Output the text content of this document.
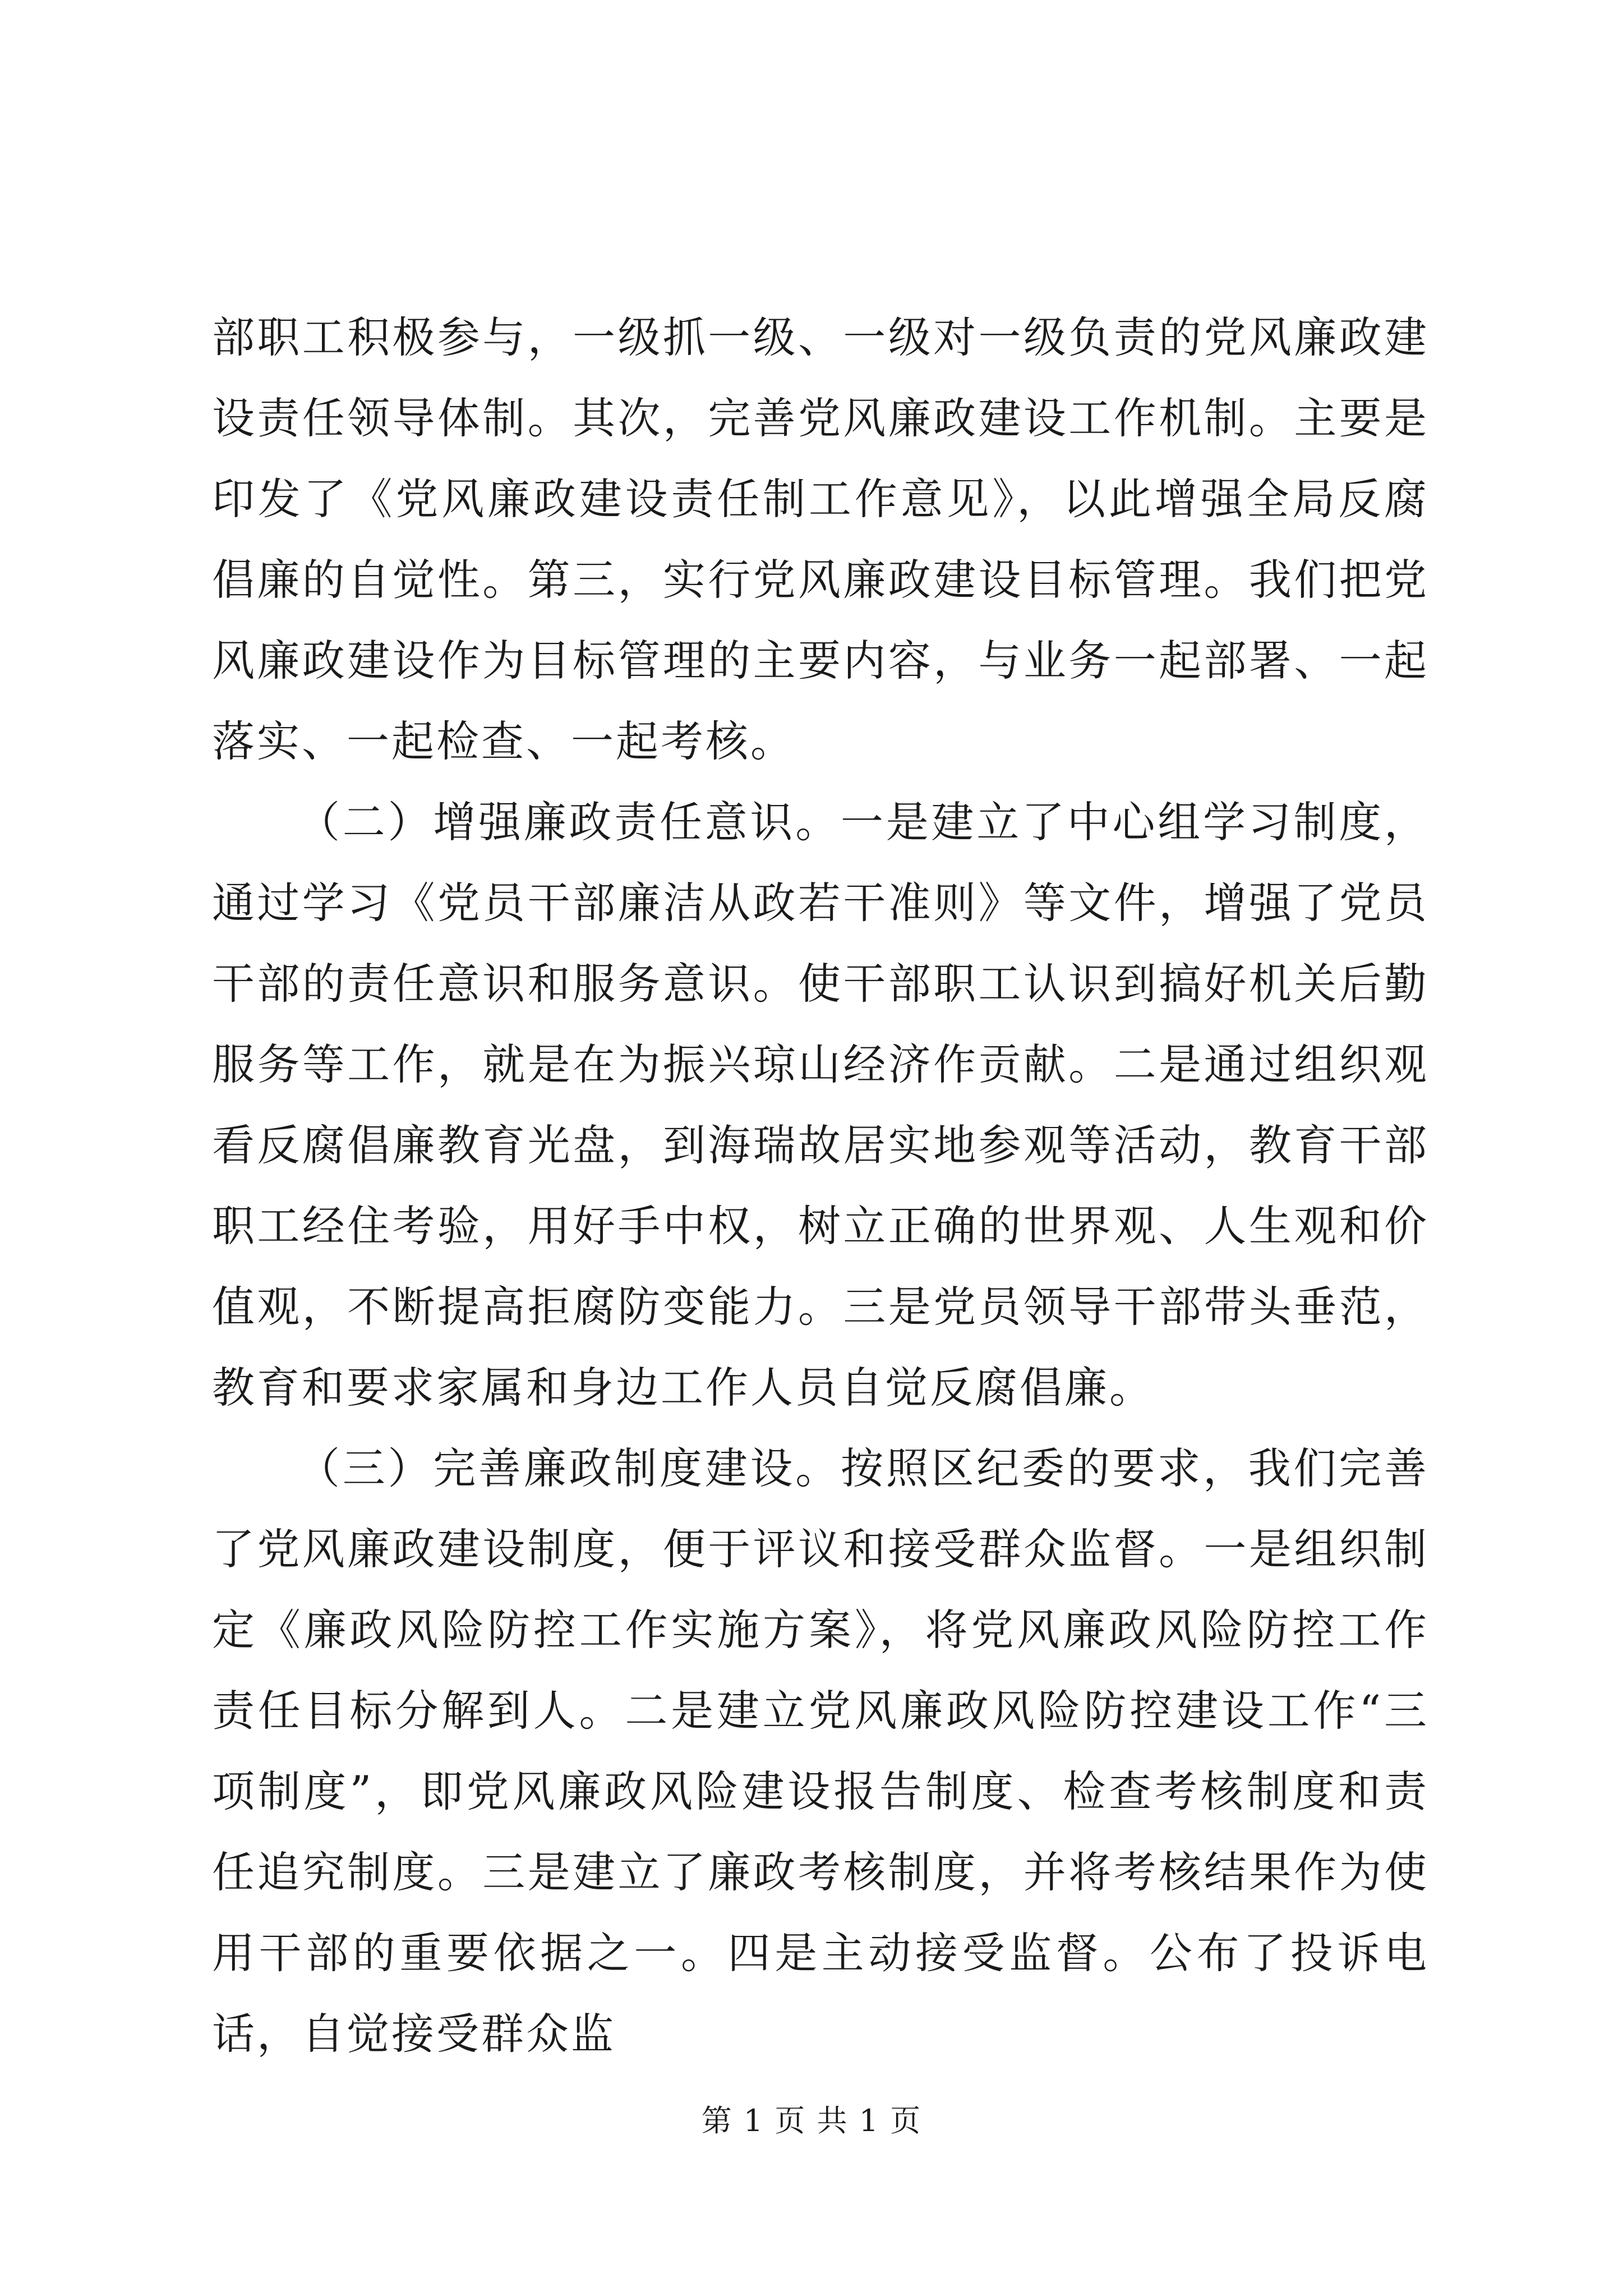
部职工积极参与，一级抓一级、一级对一级负责的党风廉政建设责任领导体制。其次，完善党风廉政建设工作机制。主要是印发了《党风廉政建设责任制工作意见》，以此增强全局反腐倡廉的自觉性。第三，实行党风廉政建设目标管理。我们把党风廉政建设作为目标管理的主要内容，与业务一起部署、一起落实、一起检查、一起考核。

（二）增强廉政责任意识。一是建立了中心组学习制度，通过学习《党员干部廉洁从政若干准则》等文件，增强了党员干部的责任意识和服务意识。使干部职工认识到搞好机关后勤服务等工作，就是在为振兴琼山经济作贡献。二是通过组织观看反腐倡廉教育光盘，到海瑞故居实地参观等活动，教育干部职工经住考验，用好手中权，树立正确的世界观、人生观和价值观，不断提高拒腐防变能力。三是党员领导干部带头垂范，教育和要求家属和身边工作人员自觉反腐倡廉。

（三）完善廉政制度建设。按照区纪委的要求，我们完善了党风廉政建设制度，便于评议和接受群众监督。一是组织制定《廉政风险防控工作实施方案》，将党风廉政风险防控工作责任目标分解到人。二是建立党风廉政风险防控建设工作“三项制度”，即党风廉政风险建设报告制度、检查考核制度和责任追究制度。三是建立了廉政考核制度，并将考核结果作为使用干部的重要依据之一。四是主动接受监督。公布了投诉电话，自觉接受群众监

第 1 页 共 1 页
